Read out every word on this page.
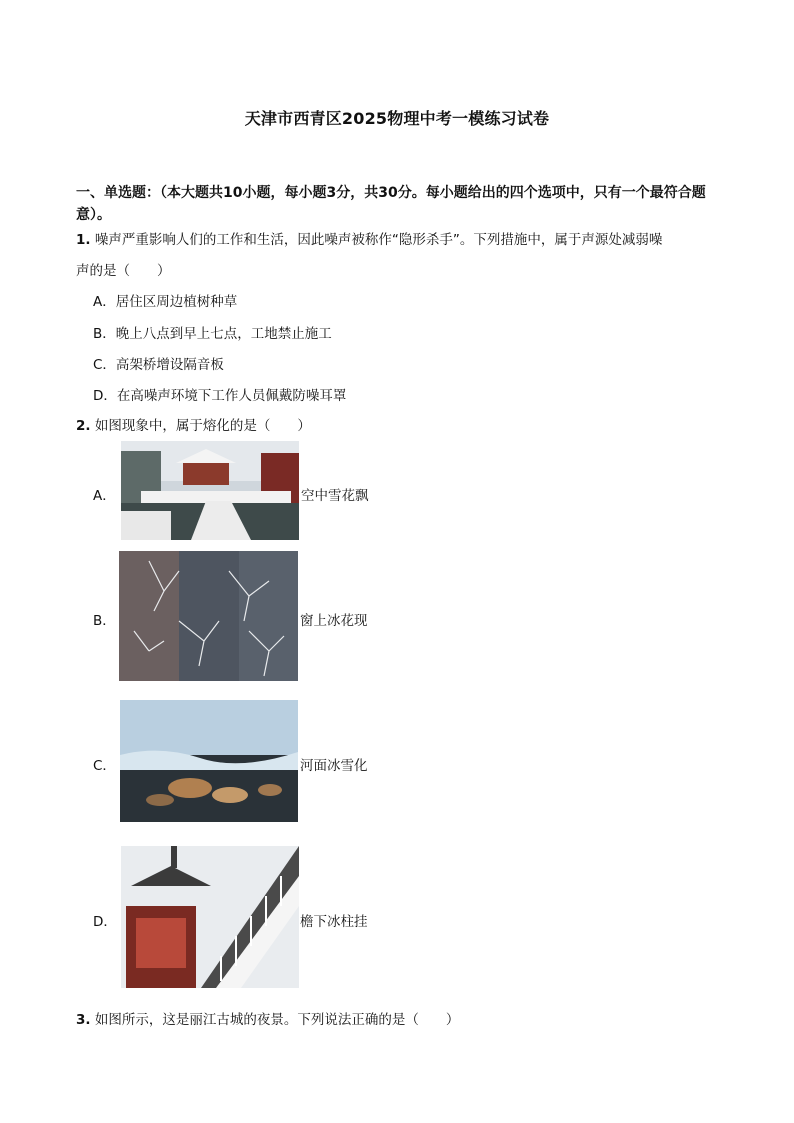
天津市西青区2025物理中考一模练习试卷
一、单选题：（本大题共10小题，每小题3分，共30分。每小题给出的四个选项中，只有一个最符合题意）。
1. 噪声严重影响人们的工作和生活，因此噪声被称作“隐形杀手”。下列措施中，属于声源处减弱噪
声的是（　　）
A．居住区周边植树种草
B．晚上八点到早上七点，工地禁止施工
C．高架桥增设隔音板
D．在高噪声环境下工作人员佩戴防噪耳罩
2. 如图现象中，属于熔化的是（　　）
A．	空中雪花飘
B．	窗上冰花现
C．	河面冰雪化
D．	檐下冰柱挂
3. 如图所示，这是丽江古城的夜景。下列说法正确的是（　　）
